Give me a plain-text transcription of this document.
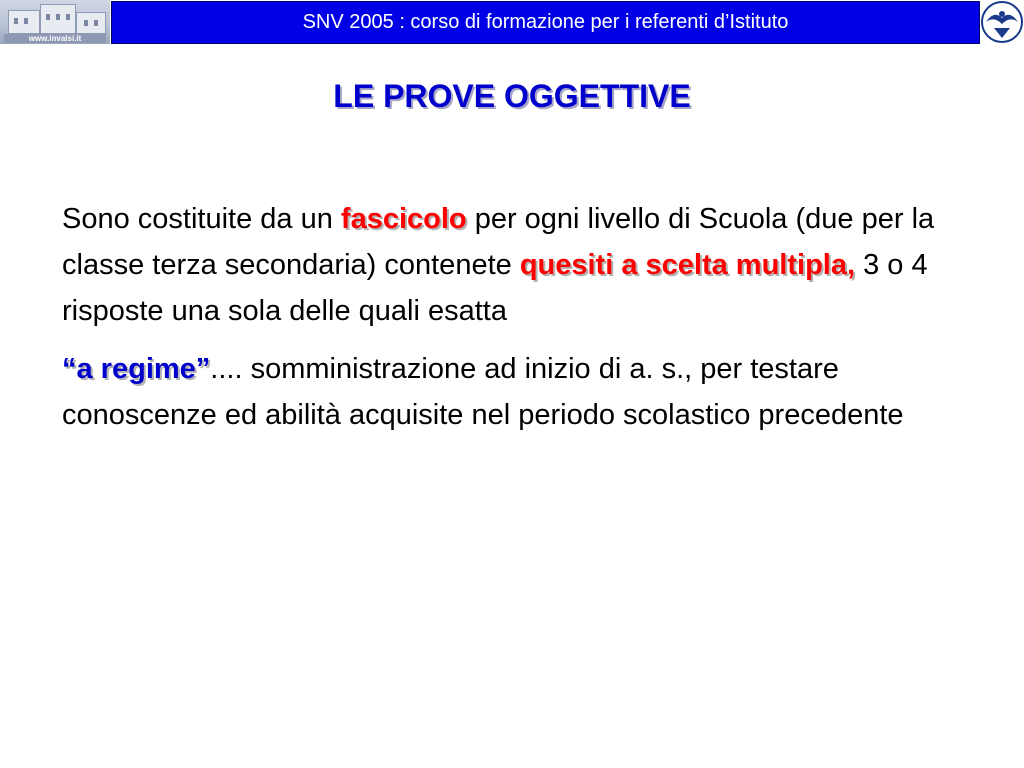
www.invalsi.it
SNV 2005 : corso di formazione per i referenti d’Istituto
LE PROVE OGGETTIVE

Sono costituite da un fascicolo per ogni livello di Scuola (due per la classe terza secondaria) contenete quesiti a scelta multipla, 3 o 4 risposte una sola delle quali esatta

“a regime”.... somministrazione ad inizio di a. s., per testare conoscenze ed abilità acquisite nel periodo scolastico precedente
